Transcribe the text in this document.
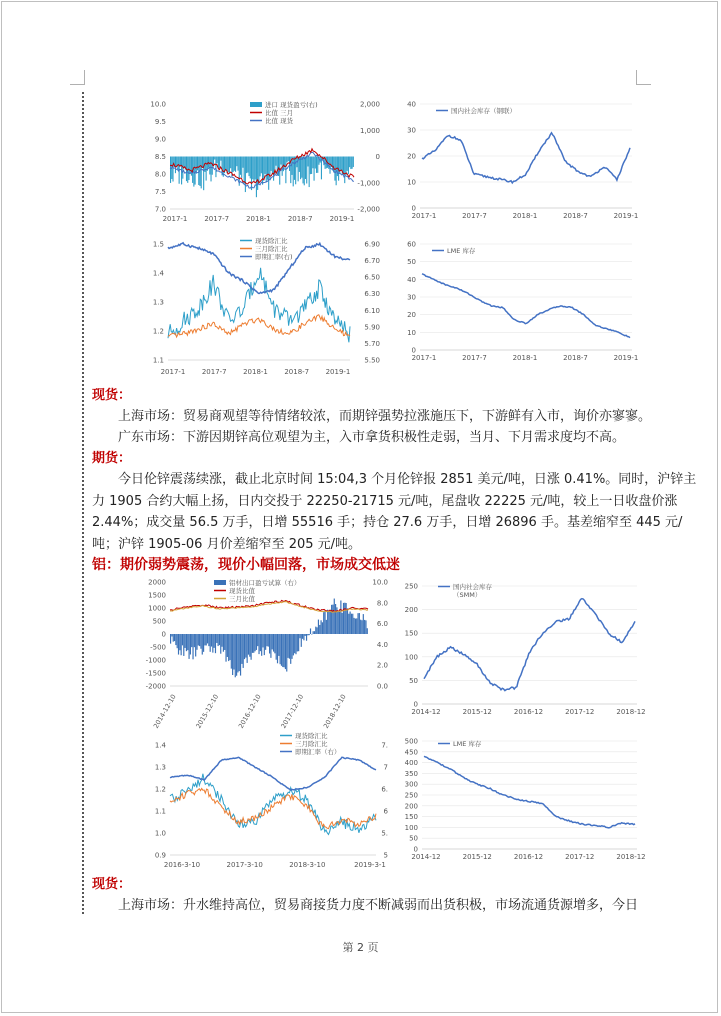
10.0
9.5
9.0
8.5
8.0
7.5
7.0
2,000
1,000
0
-1,000
-2,000
2017-1 2017-7 2018-1 2018-7 2019-1
进口 现货盈亏(右)
比值 三月
比值 现货
40
30
20
10
0
2017-1	2017-7	2018-1	2018-7	2019-1
国内社会库存（钢联）
1.5
1.4
1.3
1.2
1.1
6.90
6.70
6.50
6.30
6.10
5.90
5.70
5.50
2017-1 2017-7 2018-1 2018-7 2019-1
现货除汇比
三月除汇比
即期汇率(右)
60
50
40
30
20
10
0
2017-1	2017-7	2018-1	2018-7	2019-1
LME 库存
现货：
上海市场：贸易商观望等待情绪较浓，而期锌强势拉涨施压下，下游鲜有入市，询价亦寥寥。
广东市场：下游因期锌高位观望为主，入市拿货积极性走弱，当月、下月需求度均不高。
期货：
今日伦锌震荡续涨，截止北京时间 15:04,3 个月伦锌报 2851 美元/吨，日涨 0.41%。同时，沪锌主力 1905 合约大幅上扬，日内交投于 22250-21715 元/吨，尾盘收 22225 元/吨，较上一日收盘价涨 2.44%；成交量 56.5 万手，日增 55516 手；持仓 27.6 万手，日增 26896 手。基差缩窄至 445 元/吨；沪锌 1905-06 月价差缩窄至 205 元/吨。
铝：期价弱势震荡，现价小幅回落，市场成交低迷
2000
1500
1000
500
0
-500
-1000
-1500
-2000
10.0
8.0
6.0
4.0
2.0
0.0
2014-12-10	2015-12-10	2016-12-10	2017-12-10	2018-12-10
铝材出口盈亏试算（右）
现货比值
三月比值
250
200
150
100
50
0
2014-12	2015-12	2016-12	2017-12	2018-12
国内社会库存
（SMM）
1.4
1.3
1.2
1.1
1.0
0.9
7.
7
6.
6
5.
5
2016-3-10	2017-3-10	2018-3-10	2019-3-1
现货除汇比
三月除汇比
即期汇率（右）
500
450
400
350
300
250
200
150
100
50
0
2014-12	2015-12	2016-12	2017-12	2018-12
LME 库存
现货：
上海市场：升水维持高位，贸易商接货力度不断减弱而出货积极，市场流通货源增多，今日
第 2 页
